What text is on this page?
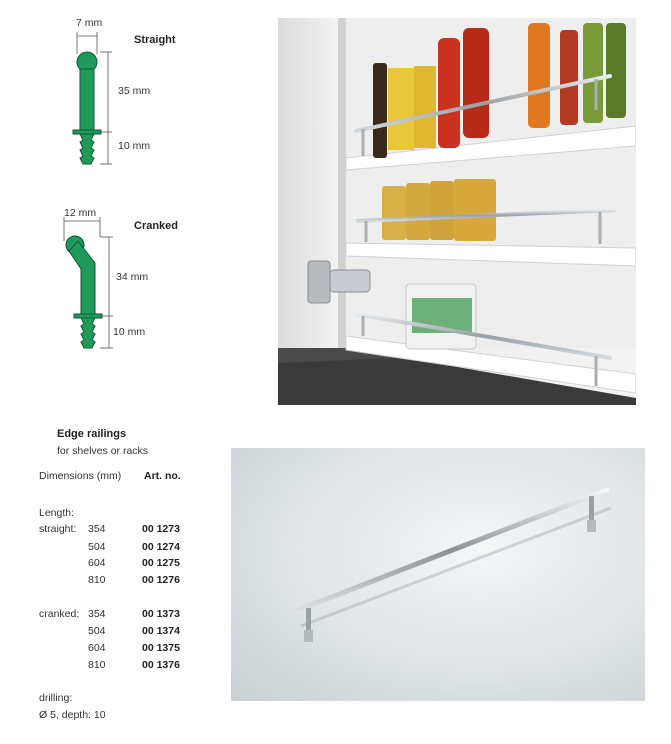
7 mm
Straight
35 mm
10 mm
12 mm
Cranked
34 mm
10 mm
Edge railings
for shelves or racks
Dimensions (mm) Art. no.
Length:
straight: 354	00 1273
504	00 1274
604	00 1275
810	00 1276
cranked: 354	00 1373
504	00 1374
604	00 1375
810	00 1376
drilling:
Ø 5, depth: 10
